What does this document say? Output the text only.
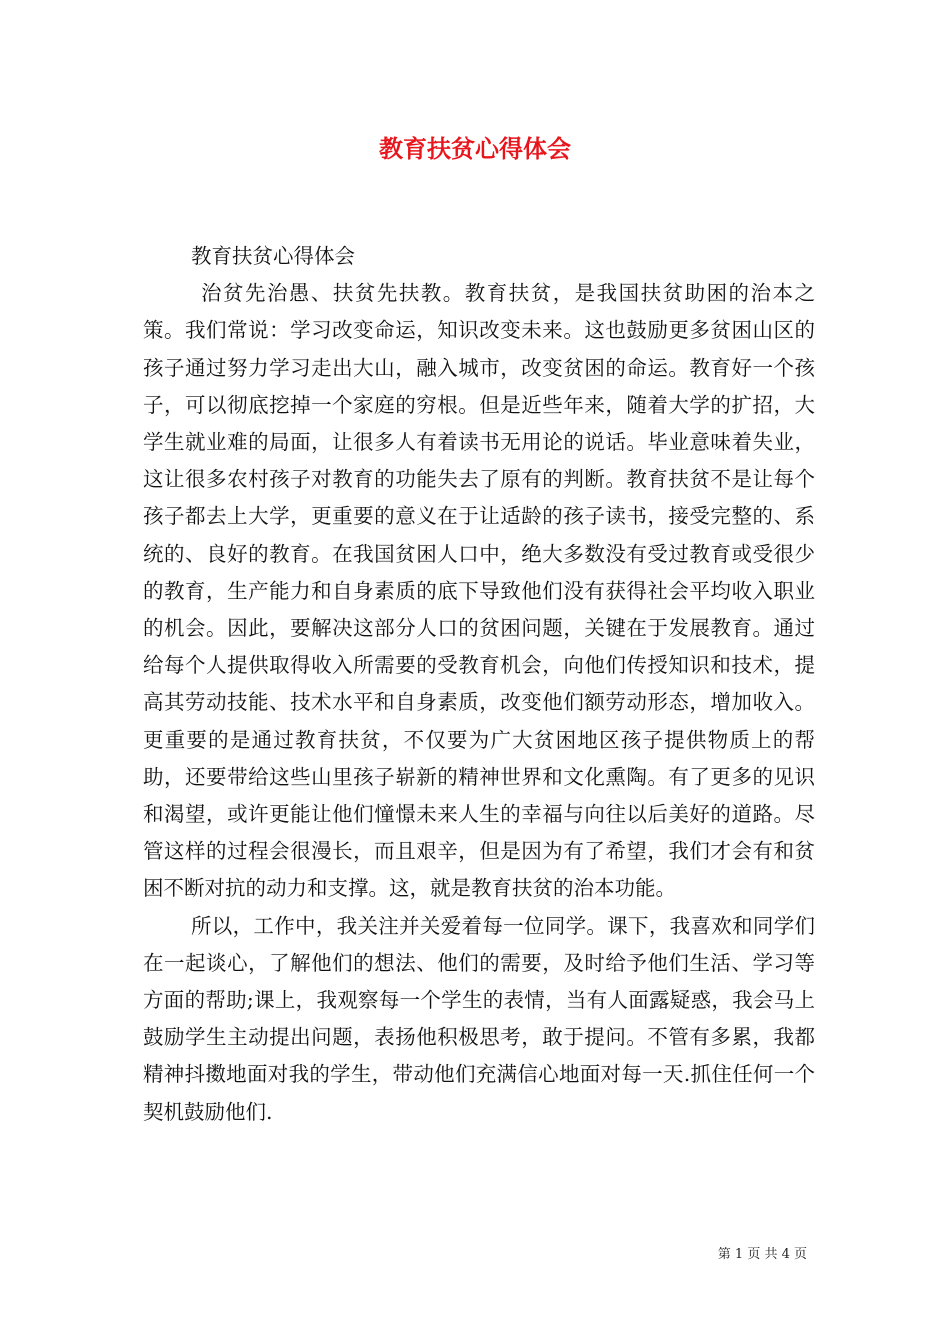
教育扶贫心得体会

教育扶贫心得体会

治贫先治愚、扶贫先扶教。教育扶贫，是我国扶贫助困的治本之策。我们常说：学习改变命运，知识改变未来。这也鼓励更多贫困山区的孩子通过努力学习走出大山，融入城市，改变贫困的命运。教育好一个孩子，可以彻底挖掉一个家庭的穷根。但是近些年来，随着大学的扩招，大学生就业难的局面，让很多人有着读书无用论的说话。毕业意味着失业，这让很多农村孩子对教育的功能失去了原有的判断。教育扶贫不是让每个孩子都去上大学，更重要的意义在于让适龄的孩子读书，接受完整的、系统的、良好的教育。在我国贫困人口中，绝大多数没有受过教育或受很少的教育，生产能力和自身素质的底下导致他们没有获得社会平均收入职业的机会。因此，要解决这部分人口的贫困问题，关键在于发展教育。通过给每个人提供取得收入所需要的受教育机会，向他们传授知识和技术，提高其劳动技能、技术水平和自身素质，改变他们额劳动形态，增加收入。更重要的是通过教育扶贫，不仅要为广大贫困地区孩子提供物质上的帮助，还要带给这些山里孩子崭新的精神世界和文化熏陶。有了更多的见识和渴望，或许更能让他们憧憬未来人生的幸福与向往以后美好的道路。尽管这样的过程会很漫长，而且艰辛，但是因为有了希望，我们才会有和贫困不断对抗的动力和支撑。这，就是教育扶贫的治本功能。

所以，工作中，我关注并关爱着每一位同学。课下，我喜欢和同学们在一起谈心，了解他们的想法、他们的需要，及时给予他们生活、学习等方面的帮助;课上，我观察每一个学生的表情，当有人面露疑惑，我会马上鼓励学生主动提出问题，表扬他积极思考，敢于提问。不管有多累，我都精神抖擞地面对我的学生，带动他们充满信心地面对每一天.抓住任何一个契机鼓励他们.

第 1 页 共 4 页
